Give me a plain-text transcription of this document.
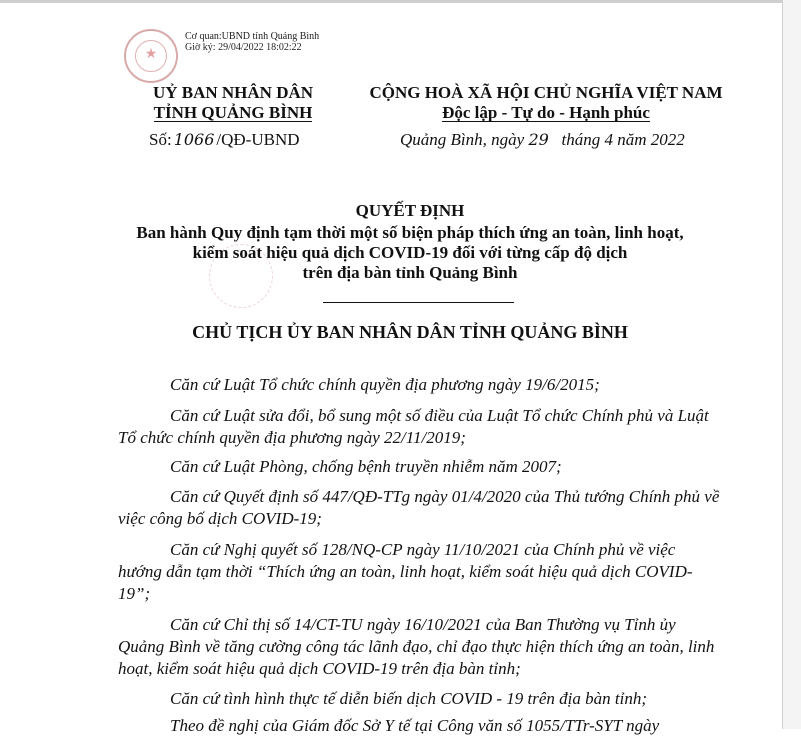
★
Cơ quan:UBND tỉnh Quảng Bình
Giờ ký: 29/04/2022 18:02:22
UỶ BAN NHÂN DÂN
TỈNH QUẢNG BÌNH
Số: 1066 /QĐ-UBND
CỘNG HOÀ XÃ HỘI CHỦ NGHĨA VIỆT NAM
Độc lập - Tự do - Hạnh phúc
Quảng Bình, ngày 29   tháng 4 năm 2022
QUYẾT ĐỊNH
Ban hành Quy định tạm thời một số biện pháp thích ứng an toàn, linh hoạt,
kiểm soát hiệu quả dịch COVID-19 đối với từng cấp độ dịch
trên địa bàn tỉnh Quảng Bình
CHỦ TỊCH ỦY BAN NHÂN DÂN TỈNH QUẢNG BÌNH
Căn cứ Luật Tổ chức chính quyền địa phương ngày 19/6/2015;
Căn cứ Luật sửa đổi, bổ sung một số điều của Luật Tổ chức Chính phủ và Luật Tổ chức chính quyền địa phương ngày 22/11/2019;
Căn cứ Luật Phòng, chống bệnh truyền nhiễm năm 2007;
Căn cứ Quyết định số 447/QĐ-TTg ngày 01/4/2020 của Thủ tướng Chính phủ về việc công bố dịch COVID-19;
Căn cứ Nghị quyết số 128/NQ-CP ngày 11/10/2021 của Chính phủ về việc hướng dẫn tạm thời “Thích ứng an toàn, linh hoạt, kiểm soát hiệu quả dịch COVID-19”;
Căn cứ Chỉ thị số 14/CT-TU ngày 16/10/2021 của Ban Thường vụ Tỉnh ủy Quảng Bình về tăng cường công tác lãnh đạo, chỉ đạo thực hiện thích ứng an toàn, linh hoạt, kiểm soát hiệu quả dịch COVID-19 trên địa bàn tỉnh;
Căn cứ tình hình thực tế diễn biến dịch COVID - 19 trên địa bàn tỉnh;
Theo đề nghị của Giám đốc Sở Y tế tại Công văn số 1055/TTr-SYT ngày
